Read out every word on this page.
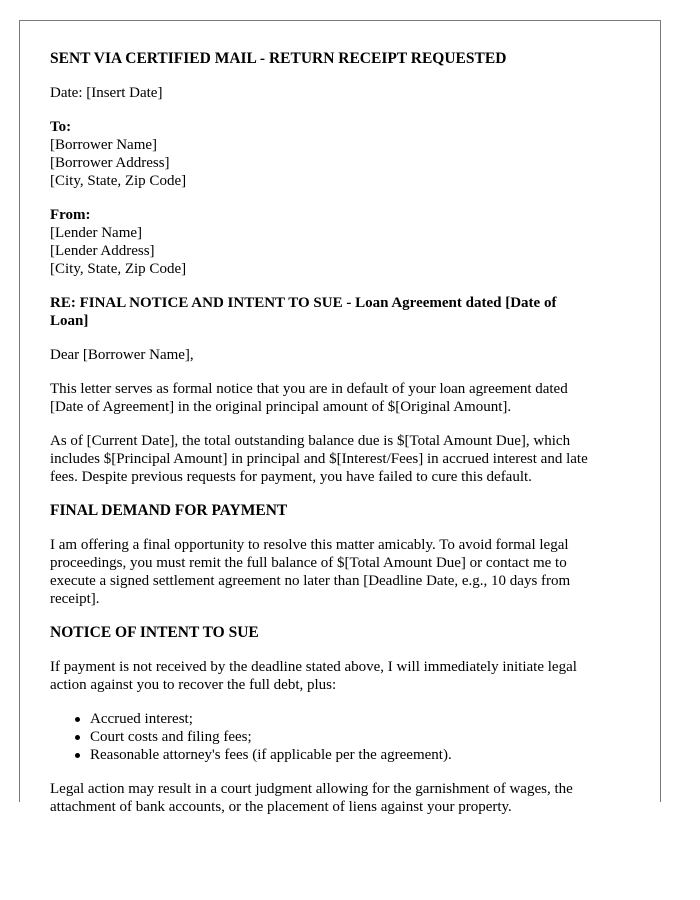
SENT VIA CERTIFIED MAIL - RETURN RECEIPT REQUESTED

Date: [Insert Date]

To:

[Borrower Name]

[Borrower Address]

[City, State, Zip Code]

From:

[Lender Name]

[Lender Address]

[City, State, Zip Code]

RE: FINAL NOTICE AND INTENT TO SUE - Loan Agreement dated [Date of

Loan]

Dear [Borrower Name],

This letter serves as formal notice that you are in default of your loan agreement dated

[Date of Agreement] in the original principal amount of $[Original Amount].

As of [Current Date], the total outstanding balance due is $[Total Amount Due], which

includes $[Principal Amount] in principal and $[Interest/Fees] in accrued interest and late

fees. Despite previous requests for payment, you have failed to cure this default.

FINAL DEMAND FOR PAYMENT

I am offering a final opportunity to resolve this matter amicably. To avoid formal legal

proceedings, you must remit the full balance of $[Total Amount Due] or contact me to

execute a signed settlement agreement no later than [Deadline Date, e.g., 10 days from

receipt].

NOTICE OF INTENT TO SUE

If payment is not received by the deadline stated above, I will immediately initiate legal

action against you to recover the full debt, plus:

Accrued interest;
Court costs and filing fees;
Reasonable attorney's fees (if applicable per the agreement).

Legal action may result in a court judgment allowing for the garnishment of wages, the

attachment of bank accounts, or the placement of liens against your property.
